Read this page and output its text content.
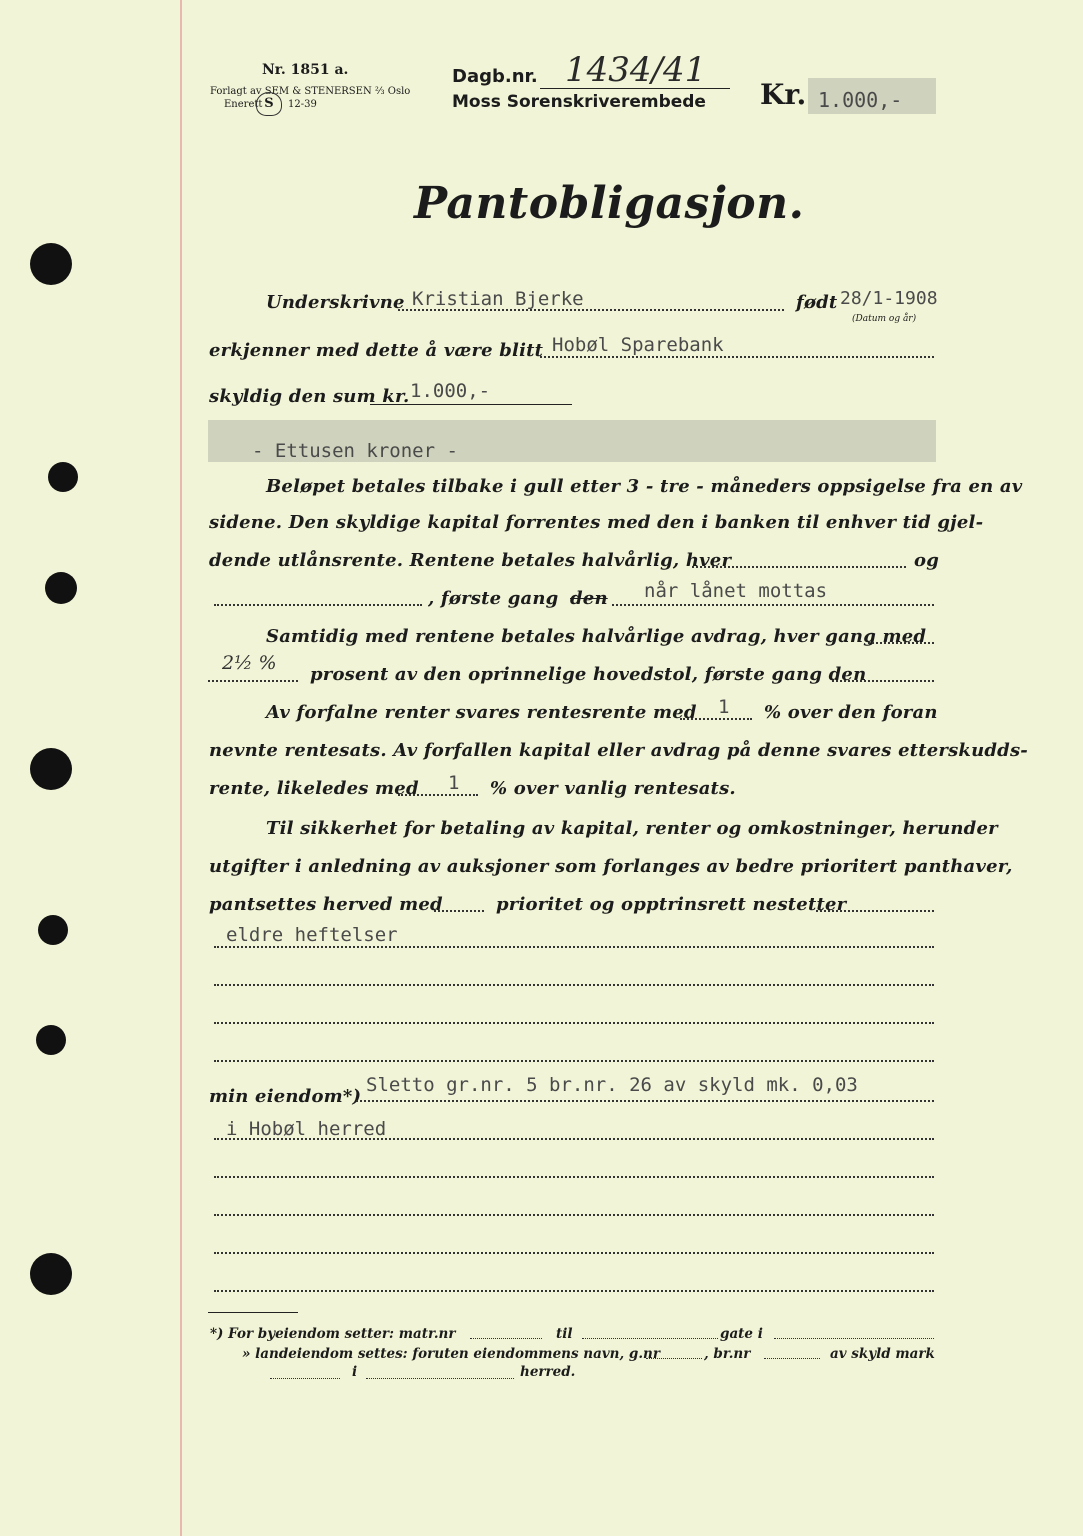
Nr. 1851 a.
Forlagt av SEM & STENERSEN ⅔ Oslo
Enerett S	12-39
Dagb.nr. 1434/41
Moss Sorenskriverembede Kr. 1.000,-
Pantobligasjon.
Underskrivne Kristian Bjerke	født 28/1-1908
(Datum og år)
erkjenner med dette å være blitt Hobøl Sparebank
skyldig den sum kr. 1.000,-
- Ettusen kroner -
Beløpet betales tilbake i gull etter 3 - tre - måneders oppsigelse fra en av
sidene. Den skyldige kapital forrentes med den i banken til enhver tid gjel-
dende utlånsrente. Rentene betales halvårlig, hver	og
, første gang den når lånet mottas
Samtidig med rentene betales halvårlige avdrag, hver gang med
2½ %
prosent av den oprinnelige hovedstol, første gang den
Av forfalne renter svares rentesrente med 1 % over den foran
nevnte rentesats. Av forfallen kapital eller avdrag på denne svares etterskudds-
rente, likeledes med 1 % over vanlig rentesats.
Til sikkerhet for betaling av kapital, renter og omkostninger, herunder
utgifter i anledning av auksjoner som forlanges av bedre prioritert panthaver,
pantsettes herved med	prioritet og opptrinsrett nestetter
eldre heftelser
min eiendom*)
Sletto gr.nr. 5 br.nr. 26 av skyld mk. 0,03
i Hobøl herred
*) For byeiendom setter: matr.nr	til	gate i
» landeiendom settes: foruten eiendommens navn, g.nr	, br.nr	av skyld mark
i	herred.
